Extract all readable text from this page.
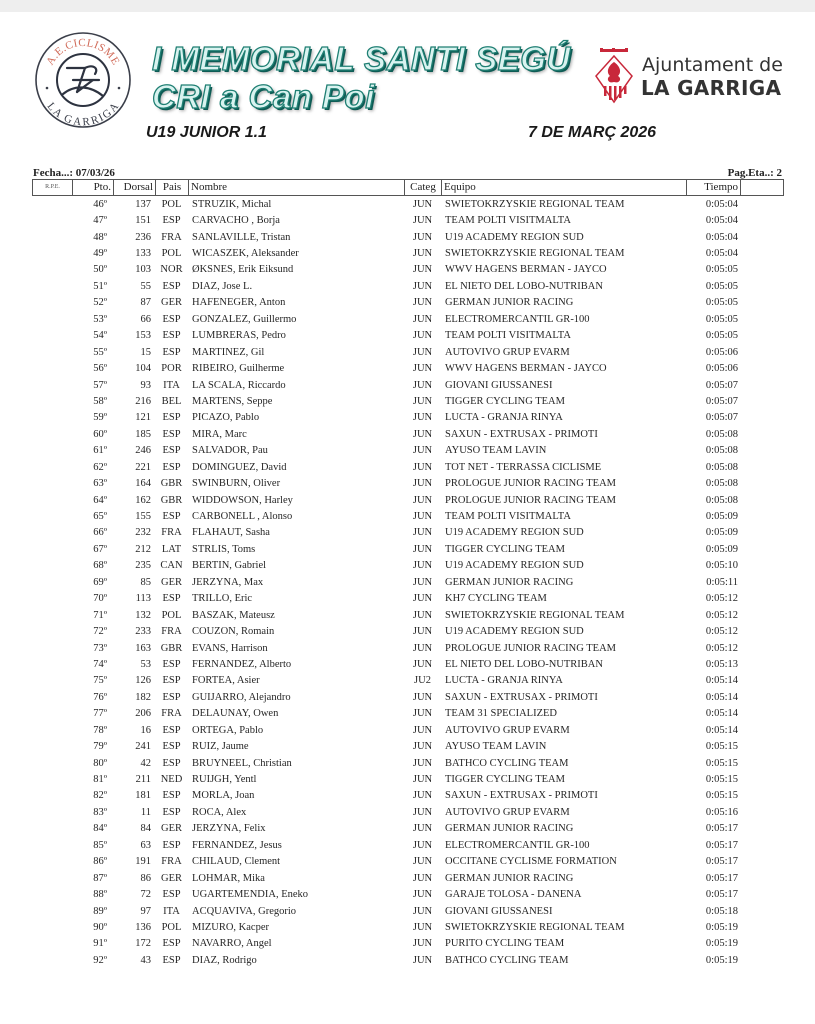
A.E.CICLISME
LA GARRIGA
I MEMORIAL SANTI SEGÚ
CRI a Can Poi
U19 JUNIOR 1.1	7 DE MARÇ 2026
Ajuntament de
LA GARRIGA
Fecha...: 07/03/26	Pag.Eta..: 2
R.P.E.	Pto.	Dorsal Pais Nombre	Categ Equipo	Tiempo
46º	137	POL	STRUZIK, Michal	JUN	SWIETOKRZYSKIE REGIONAL TEAM	0:05:04
47º	151	ESP	CARVACHO , Borja	JUN	TEAM POLTI VISITMALTA	0:05:04
48º	236 FRA SANLAVILLE, Tristan	JUN	U19 ACADEMY REGION SUD	0:05:04
49º	133	POL	WICASZEK, Aleksander	JUN	SWIETOKRZYSKIE REGIONAL TEAM	0:05:04
50º	103 NOR ØKSNES, Erik Eiksund	JUN	WWV HAGENS BERMAN - JAYCO	0:05:05
51º	55	ESP	DIAZ, Jose L.	JUN	EL NIETO DEL LOBO-NUTRIBAN	0:05:05
52º	87 GER HAFENEGER, Anton	JUN	GERMAN JUNIOR RACING	0:05:05
53º	66	ESP	GONZALEZ, Guillermo	JUN	ELECTROMERCANTIL GR-100	0:05:05
54º	153	ESP	LUMBRERAS, Pedro	JUN	TEAM POLTI VISITMALTA	0:05:05
55º	15	ESP	MARTINEZ, Gil	JUN	AUTOVIVO GRUP EVARM	0:05:06
56º	104 POR RIBEIRO, Guilherme	JUN	WWV HAGENS BERMAN - JAYCO	0:05:06
57º	93	ITA	LA SCALA, Riccardo	JUN	GIOVANI GIUSSANESI	0:05:07
58º	216	BEL	MARTENS, Seppe	JUN	TIGGER CYCLING TEAM	0:05:07
59º	121	ESP	PICAZO, Pablo	JUN	LUCTA - GRANJA RINYA	0:05:07
60º	185	ESP	MIRA, Marc	JUN	SAXUN - EXTRUSAX - PRIMOTI	0:05:08
61º	246	ESP	SALVADOR, Pau	JUN	AYUSO TEAM LAVIN	0:05:08
62º	221	ESP	DOMINGUEZ, David	JUN	TOT NET - TERRASSA CICLISME	0:05:08
63º	164 GBR SWINBURN, Oliver	JUN	PROLOGUE JUNIOR RACING TEAM	0:05:08
64º	162 GBR WIDDOWSON, Harley	JUN	PROLOGUE JUNIOR RACING TEAM	0:05:08
65º	155	ESP	CARBONELL , Alonso	JUN	TEAM POLTI VISITMALTA	0:05:09
66º	232 FRA FLAHAUT, Sasha	JUN	U19 ACADEMY REGION SUD	0:05:09
67º	212	LAT	STRLIS, Toms	JUN	TIGGER CYCLING TEAM	0:05:09
68º	235 CAN BERTIN, Gabriel	JUN	U19 ACADEMY REGION SUD	0:05:10
69º	85 GER JERZYNA, Max	JUN	GERMAN JUNIOR RACING	0:05:11
70º	113	ESP	TRILLO, Eric	JUN	KH7 CYCLING TEAM	0:05:12
71º	132	POL	BASZAK, Mateusz	JUN	SWIETOKRZYSKIE REGIONAL TEAM	0:05:12
72º	233 FRA COUZON, Romain	JUN	U19 ACADEMY REGION SUD	0:05:12
73º	163 GBR EVANS, Harrison	JUN	PROLOGUE JUNIOR RACING TEAM	0:05:12
74º	53	ESP	FERNANDEZ, Alberto	JUN	EL NIETO DEL LOBO-NUTRIBAN	0:05:13
75º	126	ESP	FORTEA, Asier	JU2	LUCTA - GRANJA RINYA	0:05:14
76º	182	ESP	GUIJARRO, Alejandro	JUN	SAXUN - EXTRUSAX - PRIMOTI	0:05:14
77º	206 FRA DELAUNAY, Owen	JUN	TEAM 31 SPECIALIZED	0:05:14
78º	16	ESP	ORTEGA, Pablo	JUN	AUTOVIVO GRUP EVARM	0:05:14
79º	241	ESP	RUIZ, Jaume	JUN	AYUSO TEAM LAVIN	0:05:15
80º	42	ESP	BRUYNEEL, Christian	JUN	BATHCO CYCLING TEAM	0:05:15
81º	211 NED RUIJGH, Yentl	JUN	TIGGER CYCLING TEAM	0:05:15
82º	181	ESP	MORLA, Joan	JUN	SAXUN - EXTRUSAX - PRIMOTI	0:05:15
83º	11	ESP	ROCA, Alex	JUN	AUTOVIVO GRUP EVARM	0:05:16
84º	84 GER JERZYNA, Felix	JUN	GERMAN JUNIOR RACING	0:05:17
85º	63	ESP	FERNANDEZ, Jesus	JUN	ELECTROMERCANTIL GR-100	0:05:17
86º	191 FRA CHILAUD, Clement	JUN	OCCITANE CYCLISME FORMATION	0:05:17
87º	86 GER LOHMAR, Mika	JUN	GERMAN JUNIOR RACING	0:05:17
88º	72	ESP	UGARTEMENDIA, Eneko	JUN	GARAJE TOLOSA - DANENA	0:05:17
89º	97	ITA	ACQUAVIVA, Gregorio	JUN	GIOVANI GIUSSANESI	0:05:18
90º	136	POL	MIZURO, Kacper	JUN	SWIETOKRZYSKIE REGIONAL TEAM	0:05:19
91º	172	ESP	NAVARRO, Angel	JUN	PURITO CYCLING TEAM	0:05:19
92º	43	ESP	DIAZ, Rodrigo	JUN	BATHCO CYCLING TEAM	0:05:19
